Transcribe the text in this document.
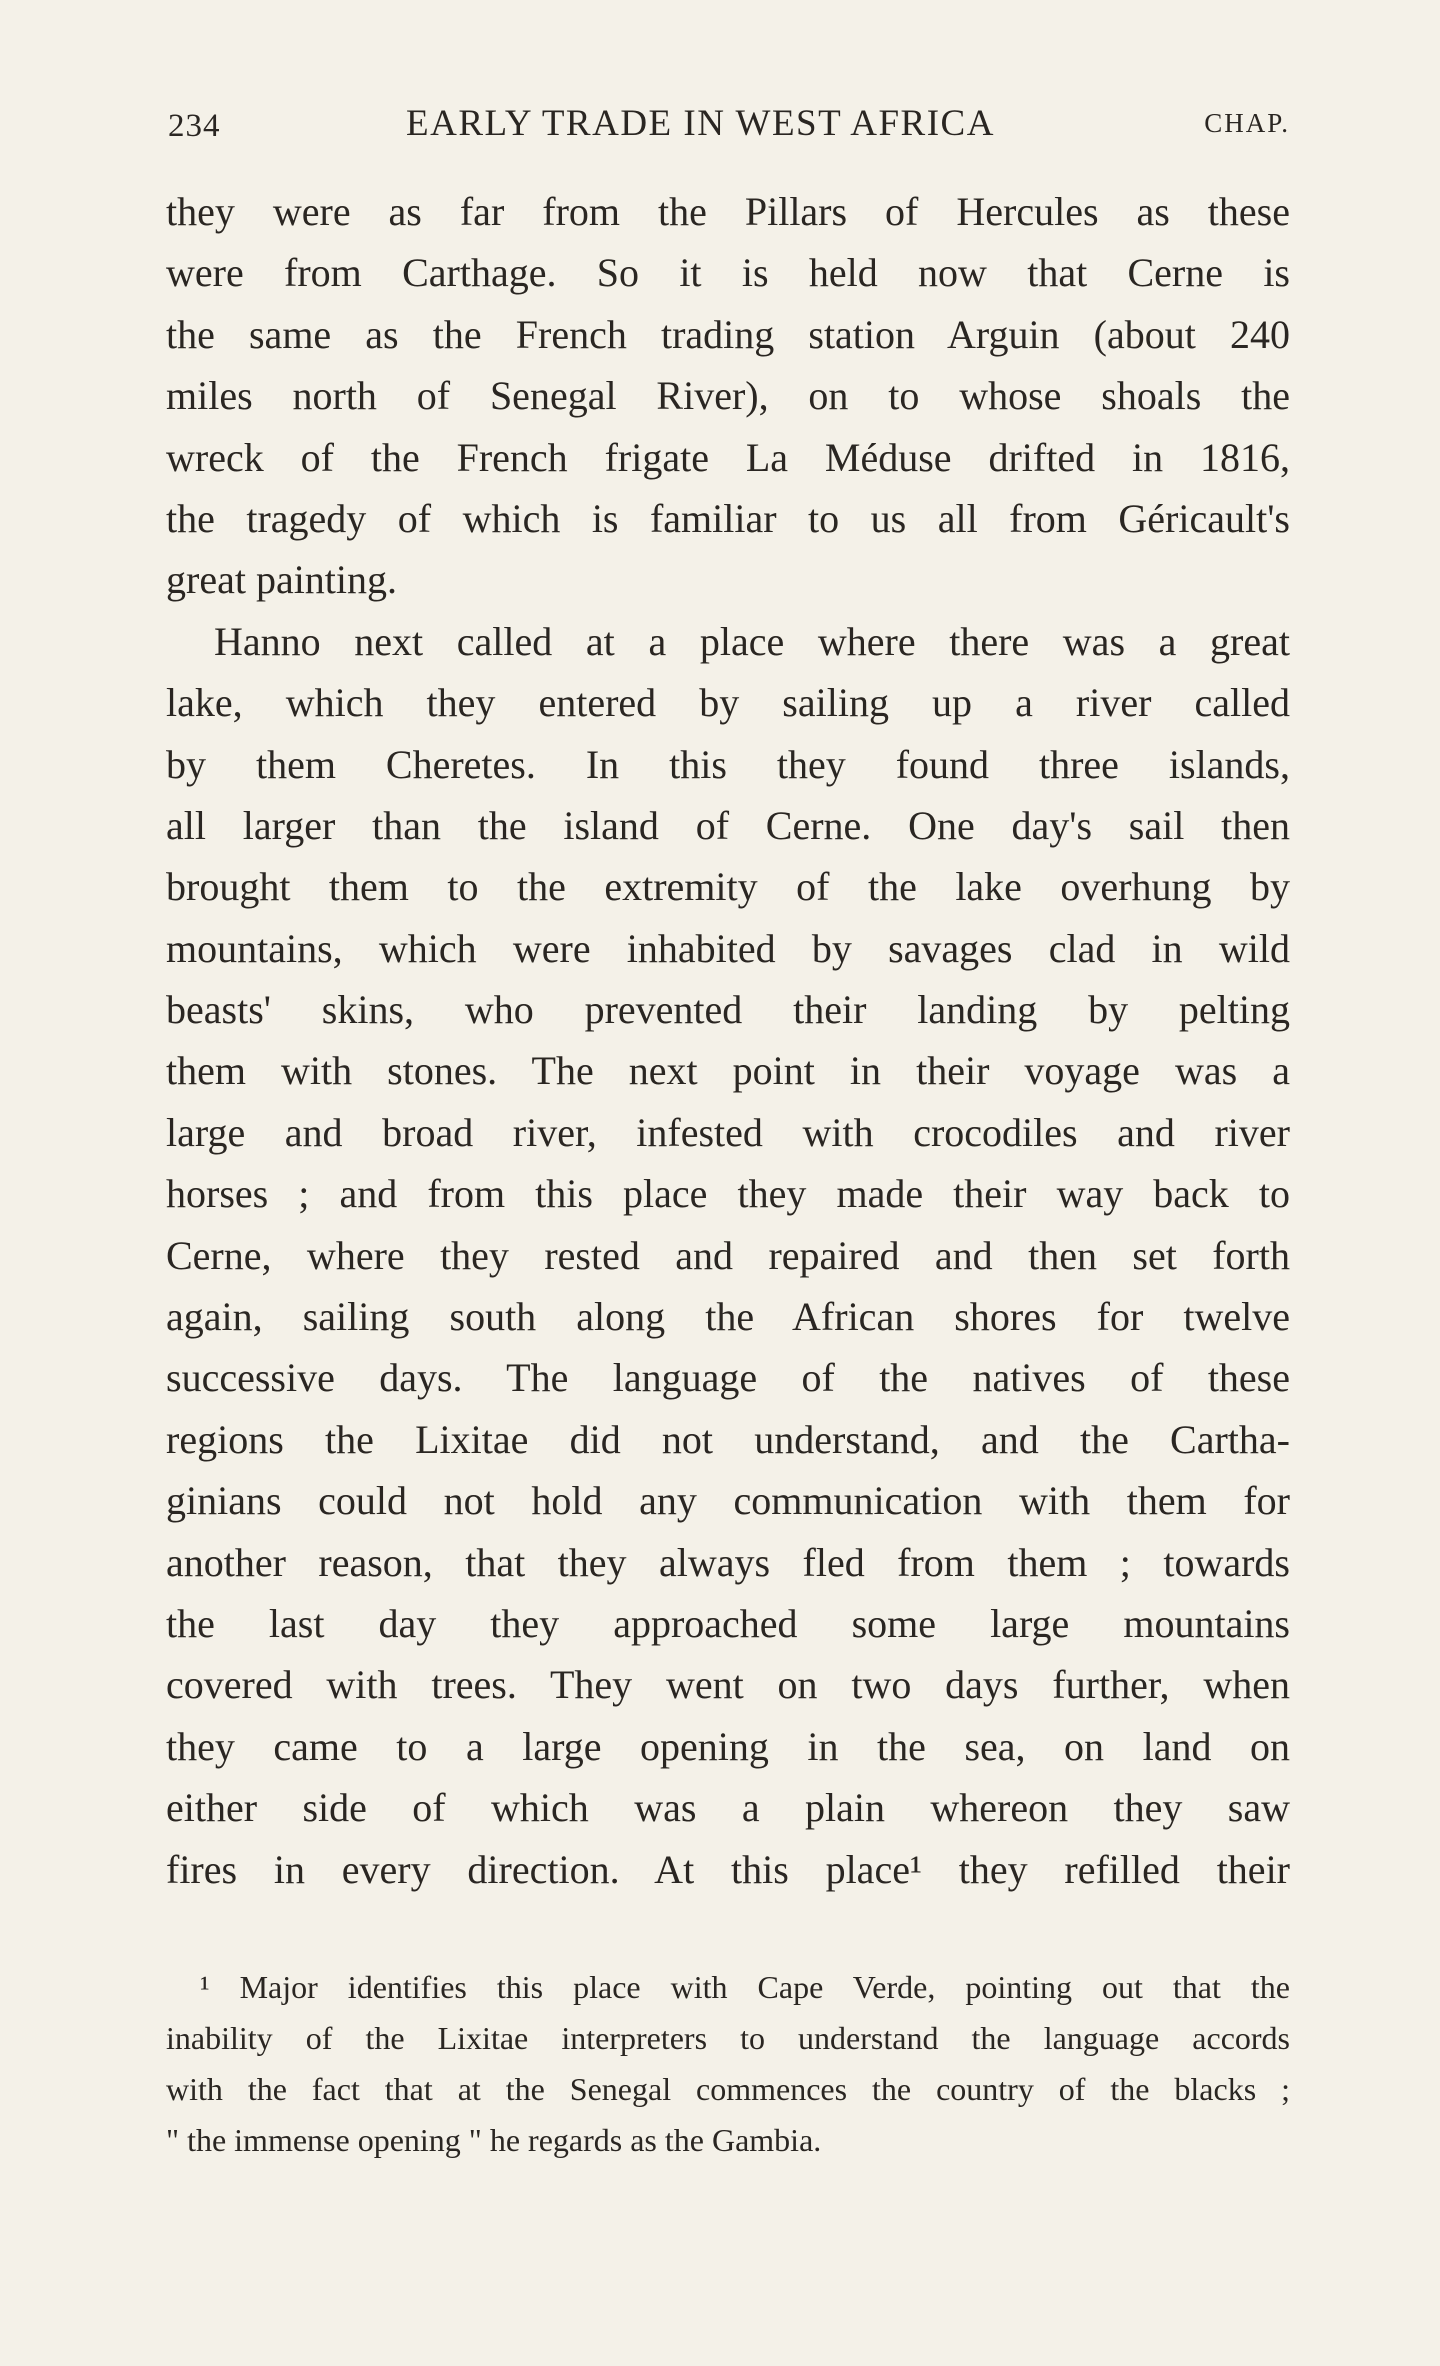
234	EARLY TRADE IN WEST AFRICA	CHAP.
they were as far from the Pillars of Hercules as these
were from Carthage. So it is held now that Cerne is
the same as the French trading station Arguin (about 240
miles north of Senegal River), on to whose shoals the
wreck of the French frigate La Méduse drifted in 1816,
the tragedy of which is familiar to us all from Géricault's
great painting.
Hanno next called at a place where there was a great
lake, which they entered by sailing up a river called
by them Cheretes. In this they found three islands,
all larger than the island of Cerne. One day's sail then
brought them to the extremity of the lake overhung by
mountains, which were inhabited by savages clad in wild
beasts' skins, who prevented their landing by pelting
them with stones. The next point in their voyage was a
large and broad river, infested with crocodiles and river
horses ; and from this place they made their way back to
Cerne, where they rested and repaired and then set forth
again, sailing south along the African shores for twelve
successive days. The language of the natives of these
regions the Lixitae did not understand, and the Cartha-
ginians could not hold any communication with them for
another reason, that they always fled from them ; towards
the last day they approached some large mountains
covered with trees. They went on two days further, when
they came to a large opening in the sea, on land on
either side of which was a plain whereon they saw
fires in every direction. At this place¹ they refilled their
¹ Major identifies this place with Cape Verde, pointing out that the
inability of the Lixitae interpreters to understand the language accords
with the fact that at the Senegal commences the country of the blacks ;
" the immense opening " he regards as the Gambia.
